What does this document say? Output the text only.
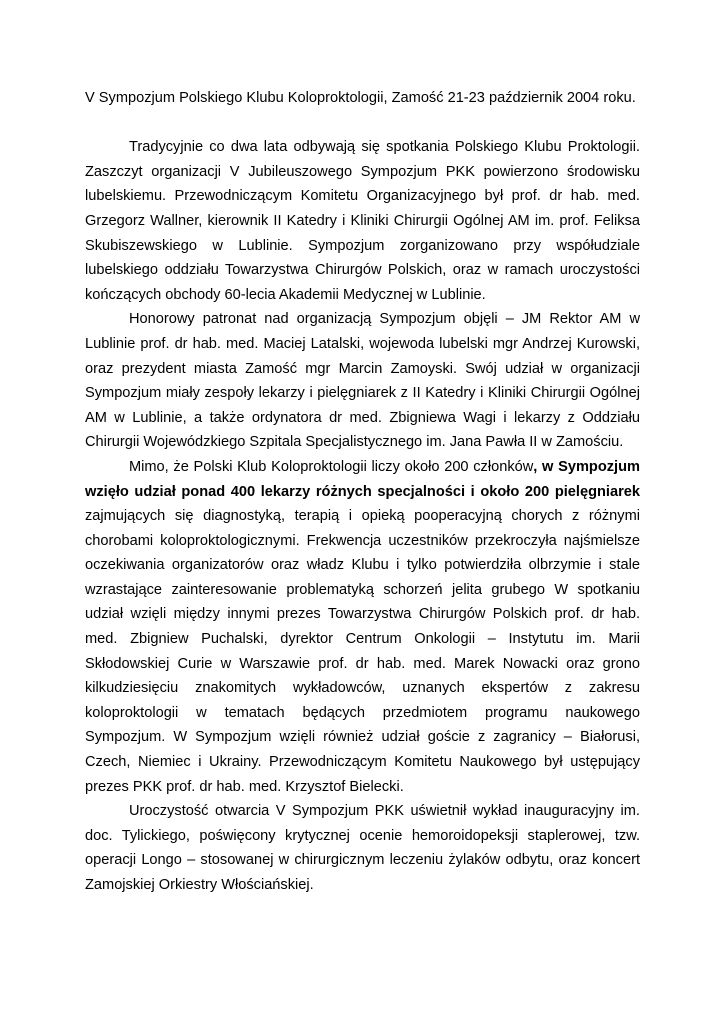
V Sympozjum Polskiego Klubu Koloproktologii, Zamość 21-23 październik 2004 roku.

Tradycyjnie co dwa lata odbywają się spotkania Polskiego Klubu Proktologii. Zaszczyt organizacji V Jubileuszowego Sympozjum PKK powierzono środowisku lubelskiemu. Przewodniczącym Komitetu Organizacyjnego był prof. dr hab. med. Grzegorz Wallner, kierownik II Katedry i Kliniki Chirurgii Ogólnej AM im. prof. Feliksa Skubiszewskiego w Lublinie. Sympozjum zorganizowano przy współudziale lubelskiego oddziału Towarzystwa Chirurgów Polskich, oraz w ramach uroczystości kończących obchody 60-lecia Akademii Medycznej w Lublinie.

Honorowy patronat nad organizacją Sympozjum objęli – JM Rektor AM w Lublinie prof. dr hab. med. Maciej Latalski, wojewoda lubelski mgr Andrzej Kurowski, oraz prezydent miasta Zamość mgr Marcin Zamoyski. Swój udział w organizacji Sympozjum miały zespoły lekarzy i pielęgniarek z II Katedry i Kliniki Chirurgii Ogólnej AM w Lublinie, a także ordynatora dr med. Zbigniewa Wagi i lekarzy z Oddziału Chirurgii Wojewódzkiego Szpitala Specjalistycznego im. Jana Pawła II w Zamościu.

Mimo, że Polski Klub Koloproktologii liczy około 200 członków, w Sympozjum wzięło udział ponad 400 lekarzy różnych specjalności i około 200 pielęgniarek zajmujących się diagnostyką, terapią i opieką pooperacyjną chorych z różnymi chorobami koloproktologicznymi. Frekwencja uczestników przekroczyła najśmielsze oczekiwania organizatorów oraz władz Klubu i tylko potwierdziła olbrzymie i stale wzrastające zainteresowanie problematyką schorzeń jelita grubego W spotkaniu udział wzięli między innymi prezes Towarzystwa Chirurgów Polskich prof. dr hab. med. Zbigniew Puchalski, dyrektor Centrum Onkologii – Instytutu im. Marii Skłodowskiej Curie w Warszawie prof. dr hab. med. Marek Nowacki oraz grono kilkudziesięciu znakomitych wykładowców, uznanych ekspertów z zakresu koloproktologii w tematach będących przedmiotem programu naukowego Sympozjum. W Sympozjum wzięli również udział goście z zagranicy – Białorusi, Czech, Niemiec i Ukrainy. Przewodniczącym Komitetu Naukowego był ustępujący prezes PKK prof. dr hab. med. Krzysztof Bielecki.

Uroczystość otwarcia V Sympozjum PKK uświetnił wykład inauguracyjny im. doc. Tylickiego, poświęcony krytycznej ocenie hemoroidopeksji staplerowej, tzw. operacji Longo – stosowanej w chirurgicznym leczeniu żylaków odbytu, oraz koncert Zamojskiej Orkiestry Włościańskiej.
